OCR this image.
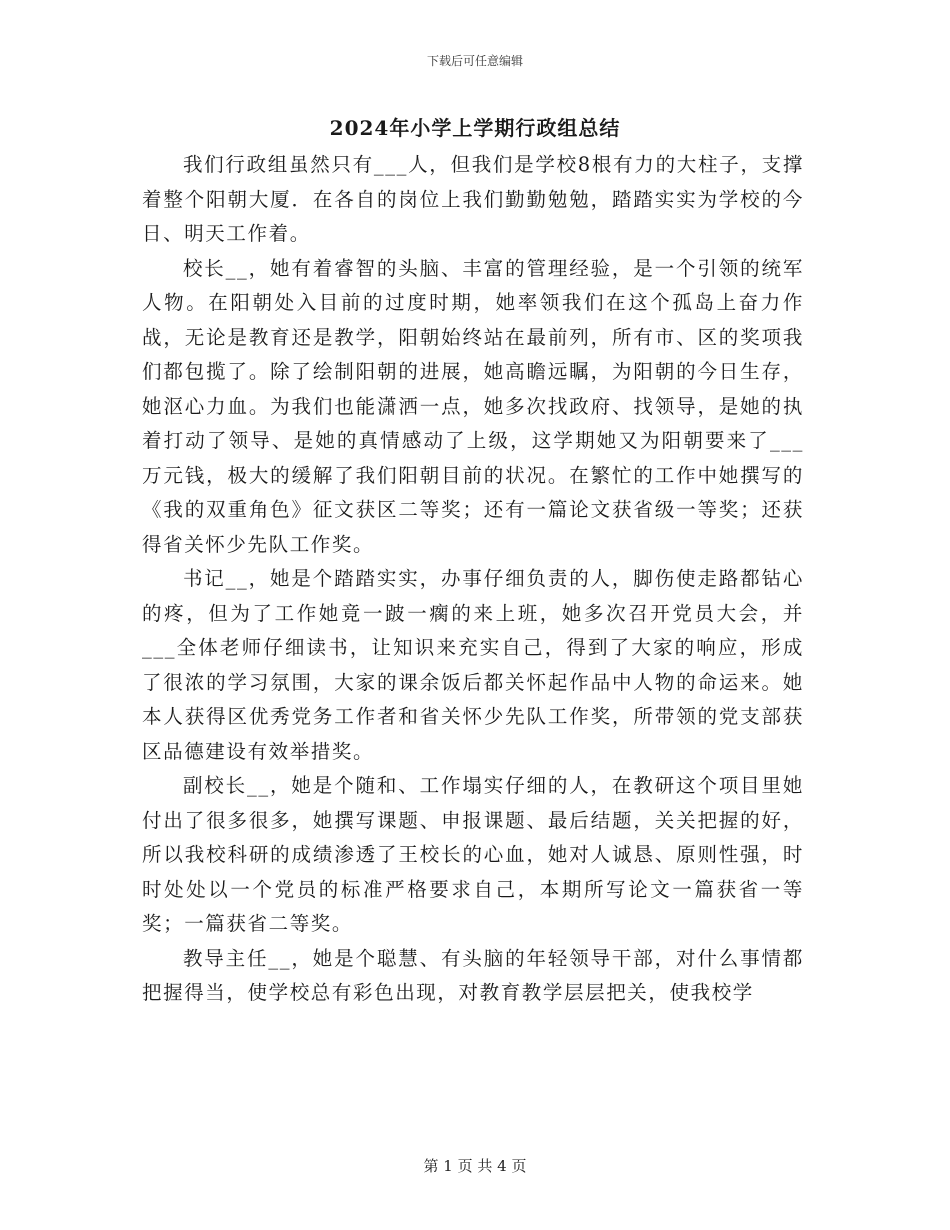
下载后可任意编辑
2024年小学上学期行政组总结

我们行政组虽然只有___人，但我们是学校8根有力的大柱子，支撑着整个阳朝大厦．在各自的岗位上我们勤勤勉勉，踏踏实实为学校的今日、明天工作着。

校长__，她有着睿智的头脑、丰富的管理经验，是一个引领的统军人物。在阳朝处入目前的过度时期，她率领我们在这个孤岛上奋力作战，无论是教育还是教学，阳朝始终站在最前列，所有市、区的奖项我们都包揽了。除了绘制阳朝的进展，她高瞻远瞩，为阳朝的今日生存，她沤心力血。为我们也能潇洒一点，她多次找政府、找领导，是她的执着打动了领导、是她的真情感动了上级，这学期她又为阳朝要来了___万元钱，极大的缓解了我们阳朝目前的状况。在繁忙的工作中她撰写的《我的双重角色》征文获区二等奖；还有一篇论文获省级一等奖；还获得省关怀少先队工作奖。

书记__，她是个踏踏实实，办事仔细负责的人，脚伤使走路都钻心的疼，但为了工作她竟一跛一瘸的来上班，她多次召开党员大会，并___全体老师仔细读书，让知识来充实自己，得到了大家的响应，形成了很浓的学习氛围，大家的课余饭后都关怀起作品中人物的命运来。她本人获得区优秀党务工作者和省关怀少先队工作奖，所带领的党支部获区品德建设有效举措奖。

副校长__，她是个随和、工作塌实仔细的人，在教研这个项目里她付出了很多很多，她撰写课题、申报课题、最后结题，关关把握的好，所以我校科研的成绩渗透了王校长的心血，她对人诚恳、原则性强，时时处处以一个党员的标准严格要求自己，本期所写论文一篇获省一等奖；一篇获省二等奖。

教导主任__，她是个聪慧、有头脑的年轻领导干部，对什么事情都把握得当，使学校总有彩色出现，对教育教学层层把关，使我校学

第 1 页 共 4 页
